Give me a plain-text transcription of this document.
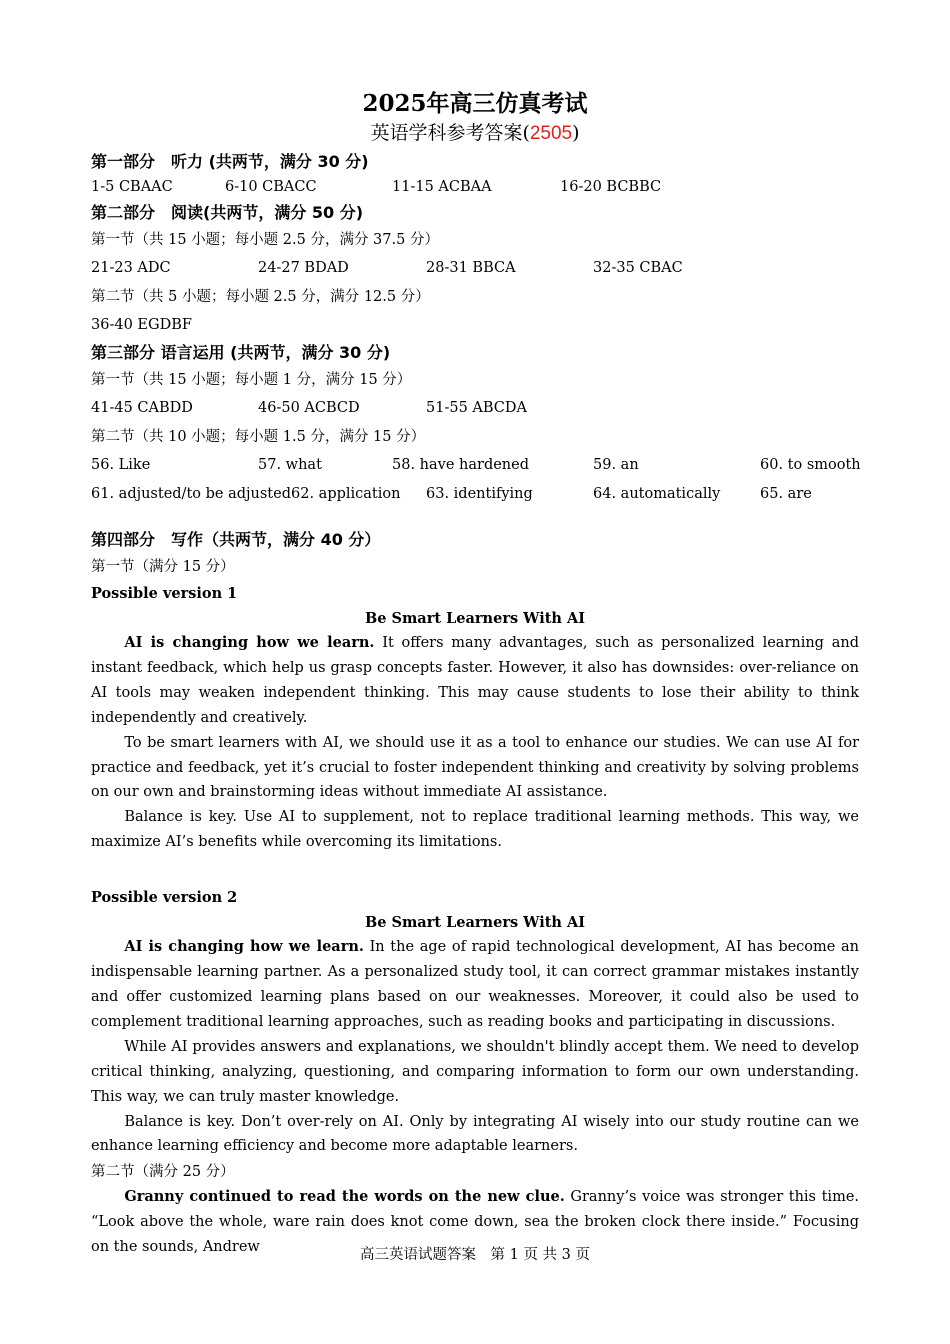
2025年高三仿真考试
英语学科参考答案(2505)
第一部分　听力 (共两节，满分 30 分)
1-5 CBAAC	6-10 CBACC	11-15 ACBAA	16-20 BCBBC
第二部分　阅读(共两节，满分 50 分)
第一节（共 15 小题；每小题 2.5 分，满分 37.5 分）
21-23 ADC	24-27 BDAD	28-31 BBCA	32-35 CBAC
第二节（共 5 小题；每小题 2.5 分，满分 12.5 分）
36-40 EGDBF
第三部分 语言运用 (共两节，满分 30 分)
第一节（共 15 小题；每小题 1 分，满分 15 分）
41-45 CABDD	46-50 ACBCD	51-55 ABCDA
第二节（共 10 小题；每小题 1.5 分，满分 15 分）
56. Like	57. what	58. have hardened	59. an	60. to smooth
61. adjusted/to be adjusted 62. application 63. identifying	64. automatically	65. are
第四部分　写作（共两节，满分 40 分）
第一节（满分 15 分）
Possible version 1
Be Smart Learners With AI

AI is changing how we learn. It offers many advantages, such as personalized learning and instant feedback, which help us grasp concepts faster. However, it also has downsides: over-reliance on AI tools may weaken independent thinking. This may cause students to lose their ability to think independently and creatively.

To be smart learners with AI, we should use it as a tool to enhance our studies. We can use AI for practice and feedback, yet it’s crucial to foster independent thinking and creativity by solving problems on our own and brainstorming ideas without immediate AI assistance.

Balance is key. Use AI to supplement, not to replace traditional learning methods. This way, we maximize AI’s benefits while overcoming its limitations.

Possible version 2
Be Smart Learners With AI

AI is changing how we learn. In the age of rapid technological development, AI has become an indispensable learning partner. As a personalized study tool, it can correct grammar mistakes instantly and offer customized learning plans based on our weaknesses. Moreover, it could also be used to complement traditional learning approaches, such as reading books and participating in discussions.

While AI provides answers and explanations, we shouldn't blindly accept them. We need to develop critical thinking, analyzing, questioning, and comparing information to form our own understanding. This way, we can truly master knowledge.

Balance is key. Don’t over-rely on AI. Only by integrating AI wisely into our study routine can we enhance learning efficiency and become more adaptable learners.

第二节（满分 25 分）

Granny continued to read the words on the new clue. Granny’s voice was stronger this time. “Look above the whole, ware rain does knot come down, sea the broken clock there inside.” Focusing on the sounds, Andrew	高三英语试题答案　第 1 页 共 3 页
